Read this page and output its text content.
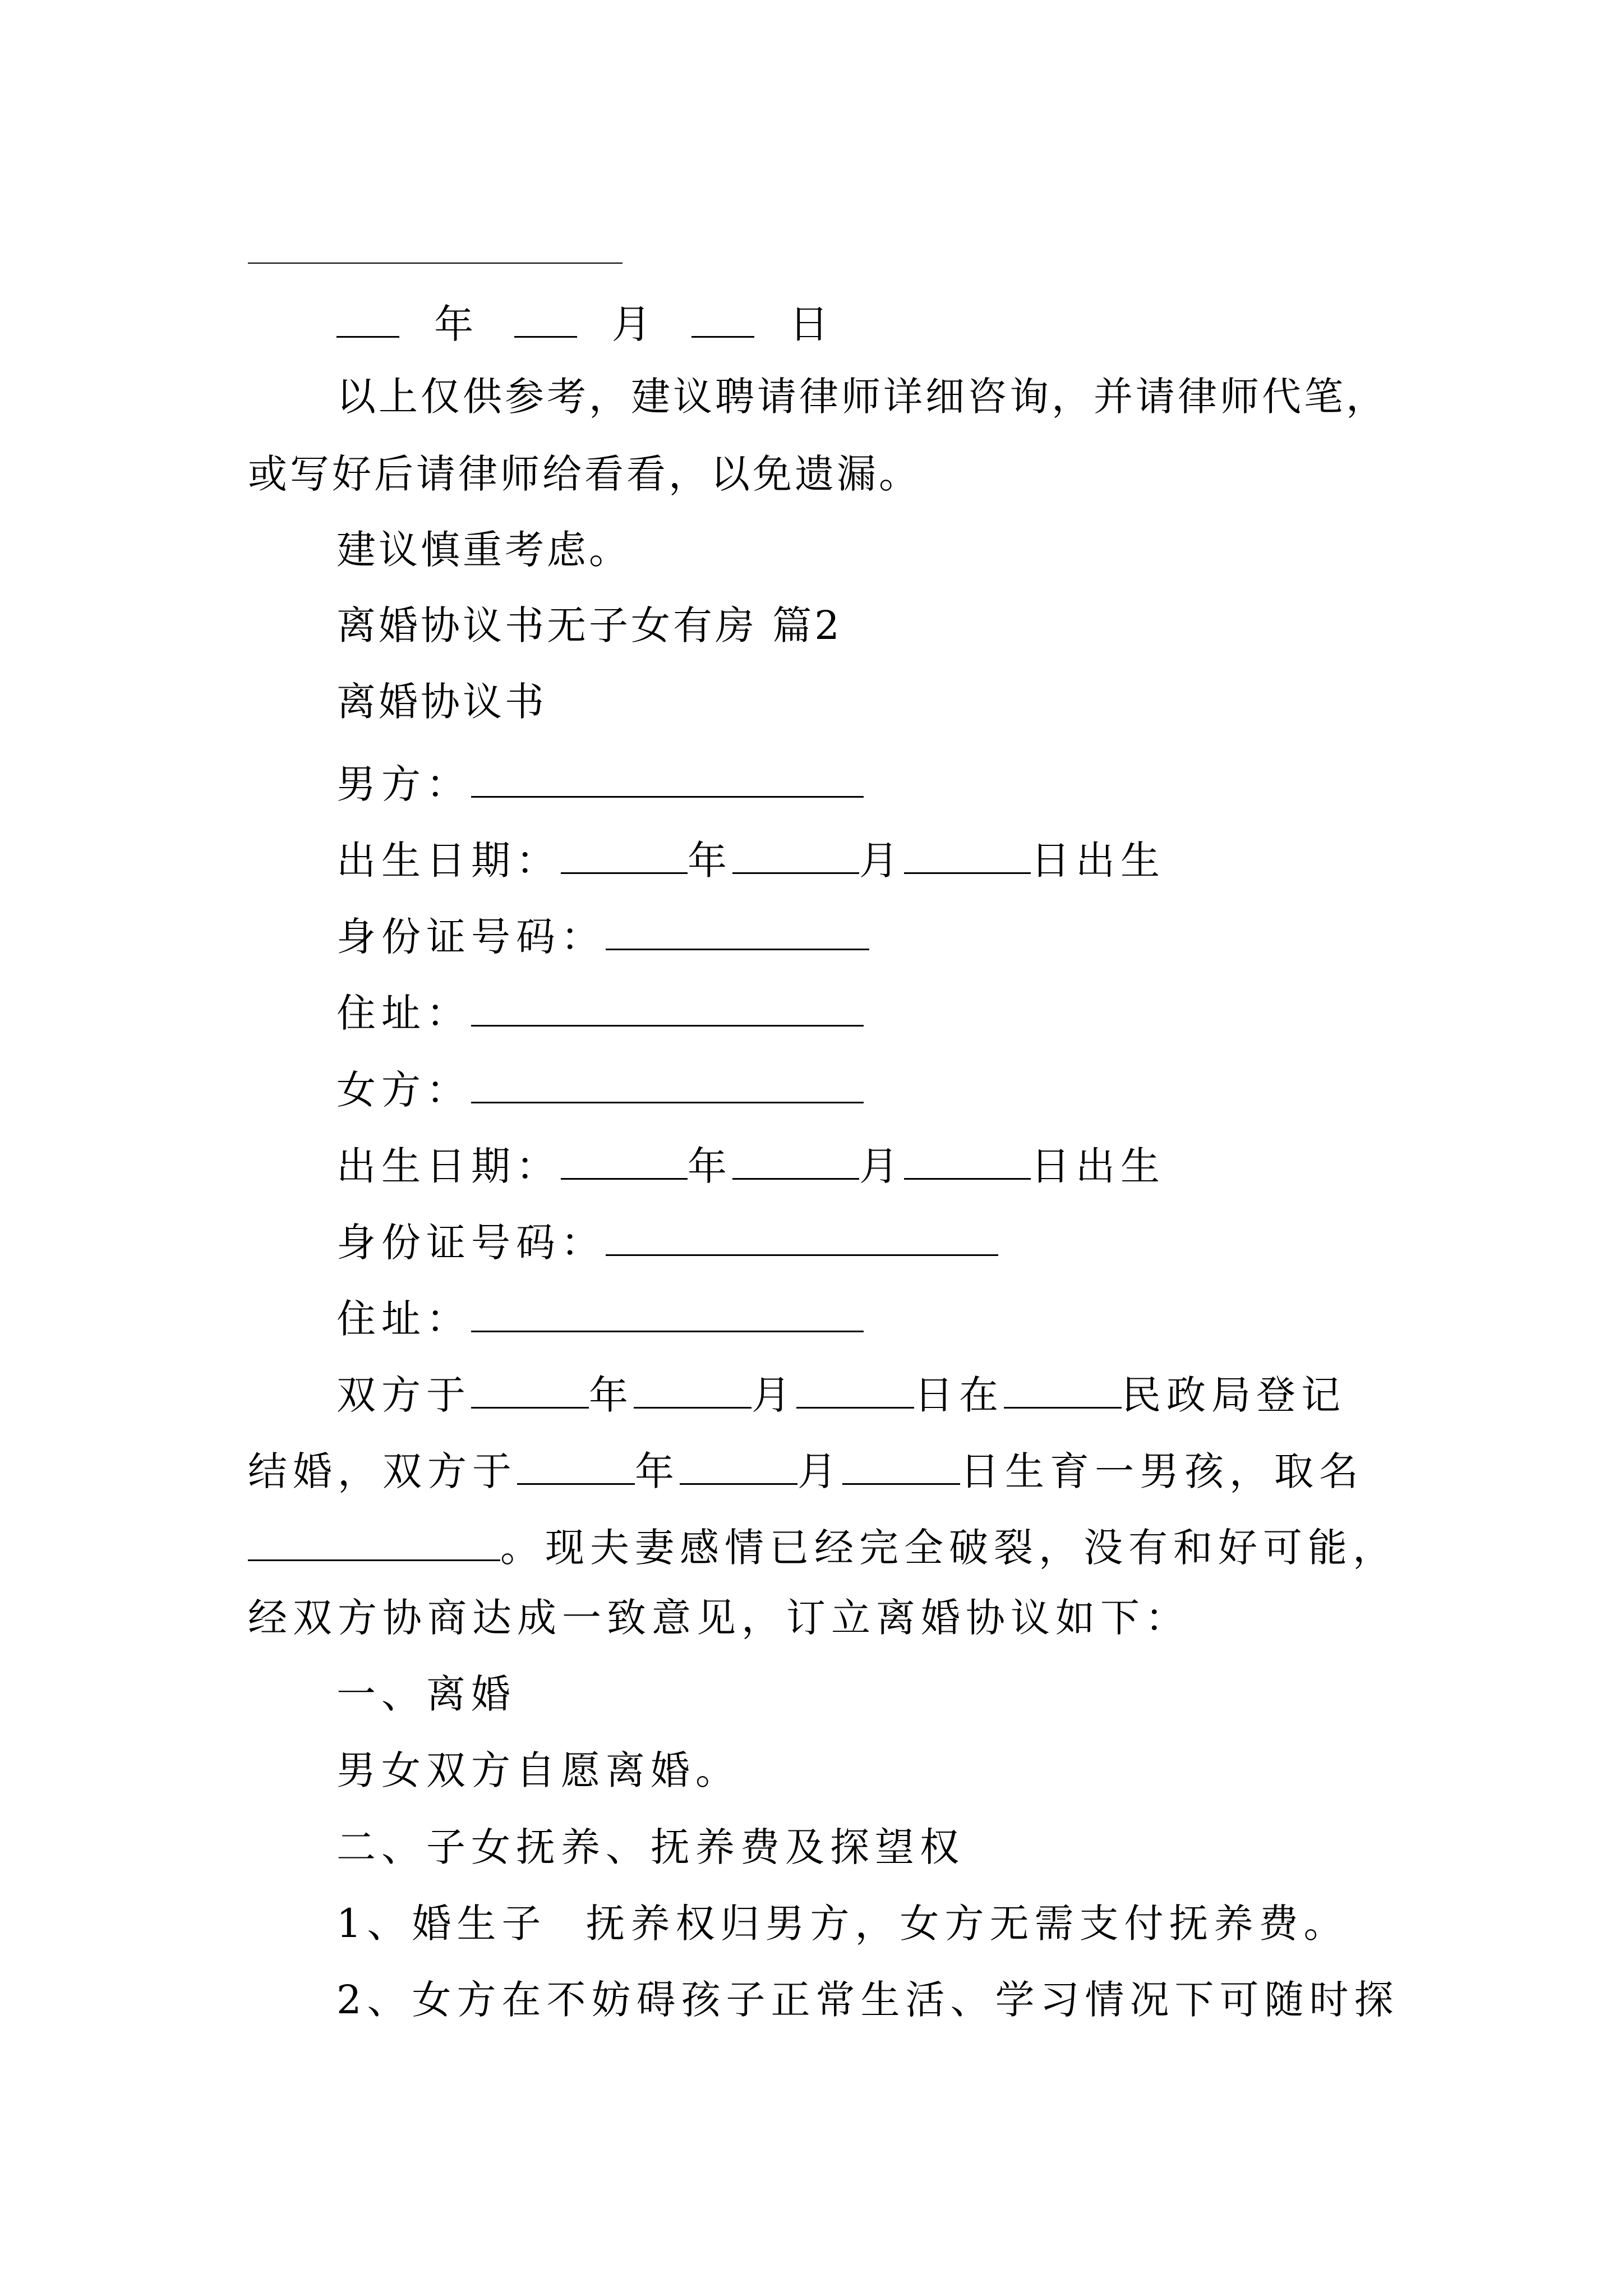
年	月	日
以上仅供参考，建议聘请律师详细咨询，并请律师代笔，
或写好后请律师给看看，以免遗漏。
建议慎重考虑。
离婚协议书无子女有房 篇2
离婚协议书
男方：
出生日期：	年	月	日出生
身份证号码：
住址：
女方：
出生日期：	年	月	日出生
身份证号码：
住址：
双方于	年	月	日在	民政局登记
结婚，双方于	年	月	日生育一男孩，取名
。现夫妻感情已经完全破裂，没有和好可能，
经双方协商达成一致意见，订立离婚协议如下：
一、离婚
男女双方自愿离婚。
二、子女抚养、抚养费及探望权
1、婚生子 抚养权归男方，女方无需支付抚养费。
2、女方在不妨碍孩子正常生活、学习情况下可随时探
